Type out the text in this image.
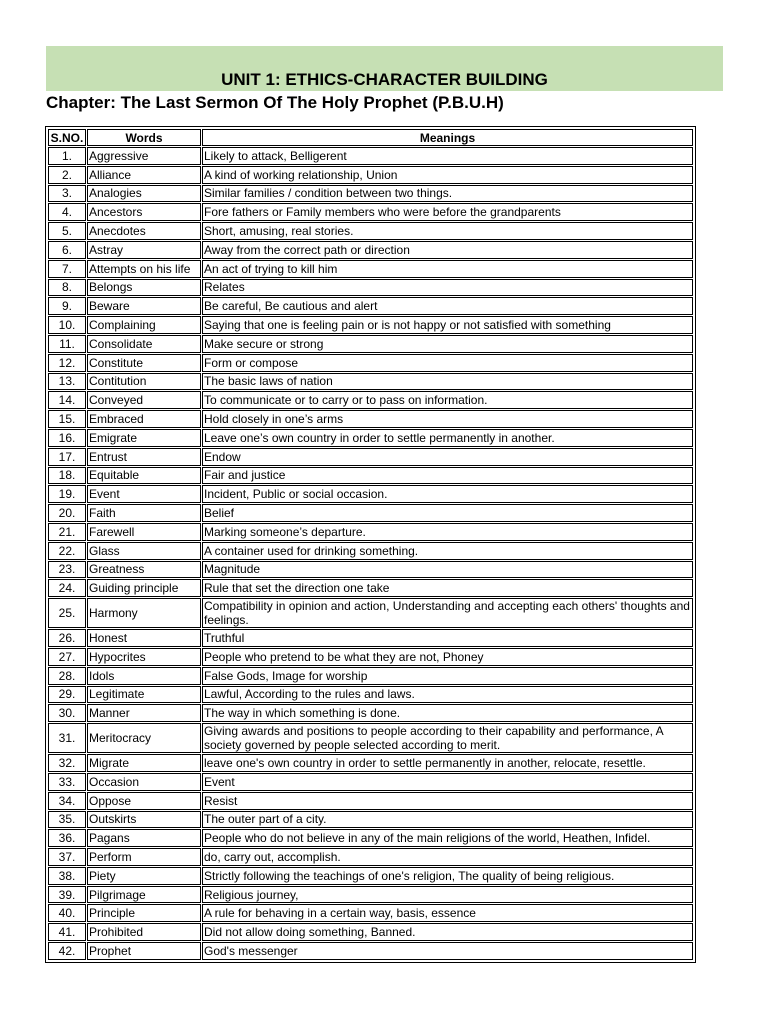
UNIT 1: ETHICS-CHARACTER BUILDING
Chapter: The Last Sermon Of The Holy Prophet (P.B.U.H)
S.NO.	Words	Meanings
1.	Aggressive	Likely to attack, Belligerent
2.	Alliance	A kind of working relationship, Union
3.	Analogies	Similar families / condition between two things.
4.	Ancestors	Fore fathers or Family members who were before the grandparents
5.	Anecdotes	Short, amusing, real stories.
6.	Astray	Away from the correct path or direction
7.	Attempts on his life	An act of trying to kill him
8.	Belongs	Relates
9.	Beware	Be careful, Be cautious and alert
10.	Complaining	Saying that one is feeling pain or is not happy or not satisfied with something
11.	Consolidate	Make secure or strong
12.	Constitute	Form or compose
13.	Contitution	The basic laws of nation
14.	Conveyed	To communicate or to carry or to pass on information.
15.	Embraced	Hold closely in one’s arms
16.	Emigrate	Leave one’s own country in order to settle permanently in another.
17.	Entrust	Endow
18.	Equitable	Fair and justice
19.	Event	Incident, Public or social occasion.
20.	Faith	Belief
21.	Farewell	Marking someone’s departure.
22.	Glass	A container used for drinking something.
23.	Greatness	Magnitude
24.	Guiding principle	Rule that set the direction one take
25.	Harmony	Compatibility in opinion and action, Understanding and accepting each others' thoughts and feelings.
26.	Honest	Truthful
27.	Hypocrites	People who pretend to be what they are not, Phoney
28.	Idols	False Gods, Image for worship
29.	Legitimate	Lawful, According to the rules and laws.
30.	Manner	The way in which something is done.
31.	Meritocracy	Giving awards and positions to people according to their capability and performance, A society governed by people selected according to merit.
32.	Migrate	leave one's own country in order to settle permanently in another, relocate, resettle.
33.	Occasion	Event
34.	Oppose	Resist
35.	Outskirts	The outer part of a city.
36.	Pagans	People who do not believe in any of the main religions of the world, Heathen, Infidel.
37.	Perform	do, carry out, accomplish.
38.	Piety	Strictly following the teachings of one's religion, The quality of being religious.
39.	Pilgrimage	Religious journey,
40.	Principle	A rule for behaving in a certain way, basis, essence
41.	Prohibited	Did not allow doing something, Banned.
42.	Prophet	God's messenger
